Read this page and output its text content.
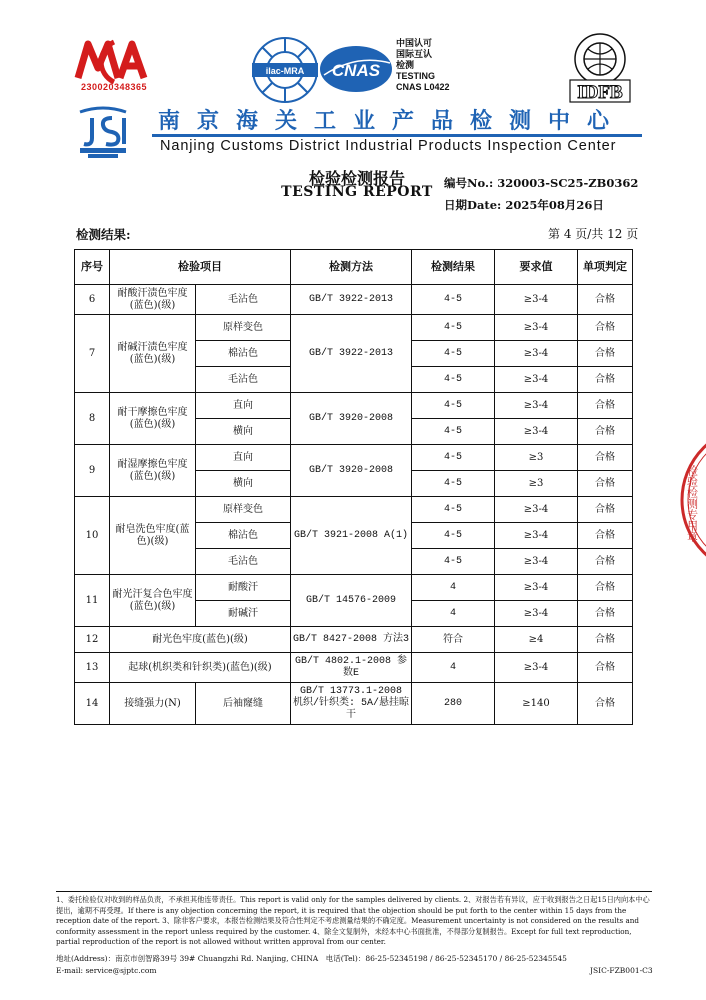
230020348365
ilac-MRA CNAS
中国认可
国际互认
检测
TESTING
CNAS L0422	IDFB
南京海关工业产品检测中心
Nanjing Customs District Industrial Products Inspection Center
检验检测报告
TESTING REPORT
编号No.: 320003-SC25-ZB0362
日期Date: 2025年08月26日
检测结果:	第 4 页/共 12 页
序号	检验项目		检测方法	检测结果	要求值	单项判定
6	耐酸汗渍色牢度(蓝色)(级)	毛沾色	GB/T 3922-2013	4-5	≥3-4	合格
7	耐碱汗渍色牢度(蓝色)(级)	原样变色	GB/T 3922-2013	4-5	≥3-4	合格
		棉沾色		4-5	≥3-4	合格
		毛沾色		4-5	≥3-4	合格
8	耐干摩擦色牢度(蓝色)(级)	直向	GB/T 3920-2008	4-5	≥3-4	合格
		横向		4-5	≥3-4	合格
9	耐湿摩擦色牢度(蓝色)(级)	直向	GB/T 3920-2008	4-5	≥3	合格
		横向		4-5	≥3	合格
10	耐皂洗色牢度(蓝色)(级)	原样变色	GB/T 3921-2008 A(1)	4-5	≥3-4	合格
		棉沾色		4-5	≥3-4	合格
		毛沾色		4-5	≥3-4	合格
11	耐光汗复合色牢度(蓝色)(级)	耐酸汗	GB/T 14576-2009	4	≥3-4	合格
		耐碱汗		4	≥3-4	合格
12	耐光色牢度(蓝色)(级)		GB/T 8427-2008 方法3	符合	≥4	合格
13	起球(机织类和针织类)(蓝色)(级)		GB/T 4802.1-2008 参数E	4	≥3-4	合格
14	接缝强力(N)	后袖窿缝	GB/T 13773.1-2008 机织/针织类: 5A/悬挂晾干	280	≥140	合格
检验检测专用章
1、委托检验仅对收到的样品负责，不承担其他连带责任。This report is valid only for the samples delivered by clients. 2、对报告若有异议，应于收到报告之日起15日内向本中心提出，逾期不再受理。If there is any objection concerning the report, it is required that the objection should be put forth to the center within 15 days from the reception date of the report. 3、除非客户要求，本报告检测结果及符合性判定不考虑测量结果的不确定度。Measurement uncertainty is not considered on the results and conformity assessment in the report unless required by the customer. 4、除全文复制外，未经本中心书面批准，不得部分复制报告。Except for full text reproduction, partial reproduction of the report is not allowed without written approval from our center.
地址(Address)：南京市创智路39号 39# Chuangzhi Rd. Nanjing, CHINA　电话(Tel)：86-25-52345198 / 86-25-52345170 / 86-25-52345545
E-mail: service@sjptc.com	JSIC-FZB001-C3
